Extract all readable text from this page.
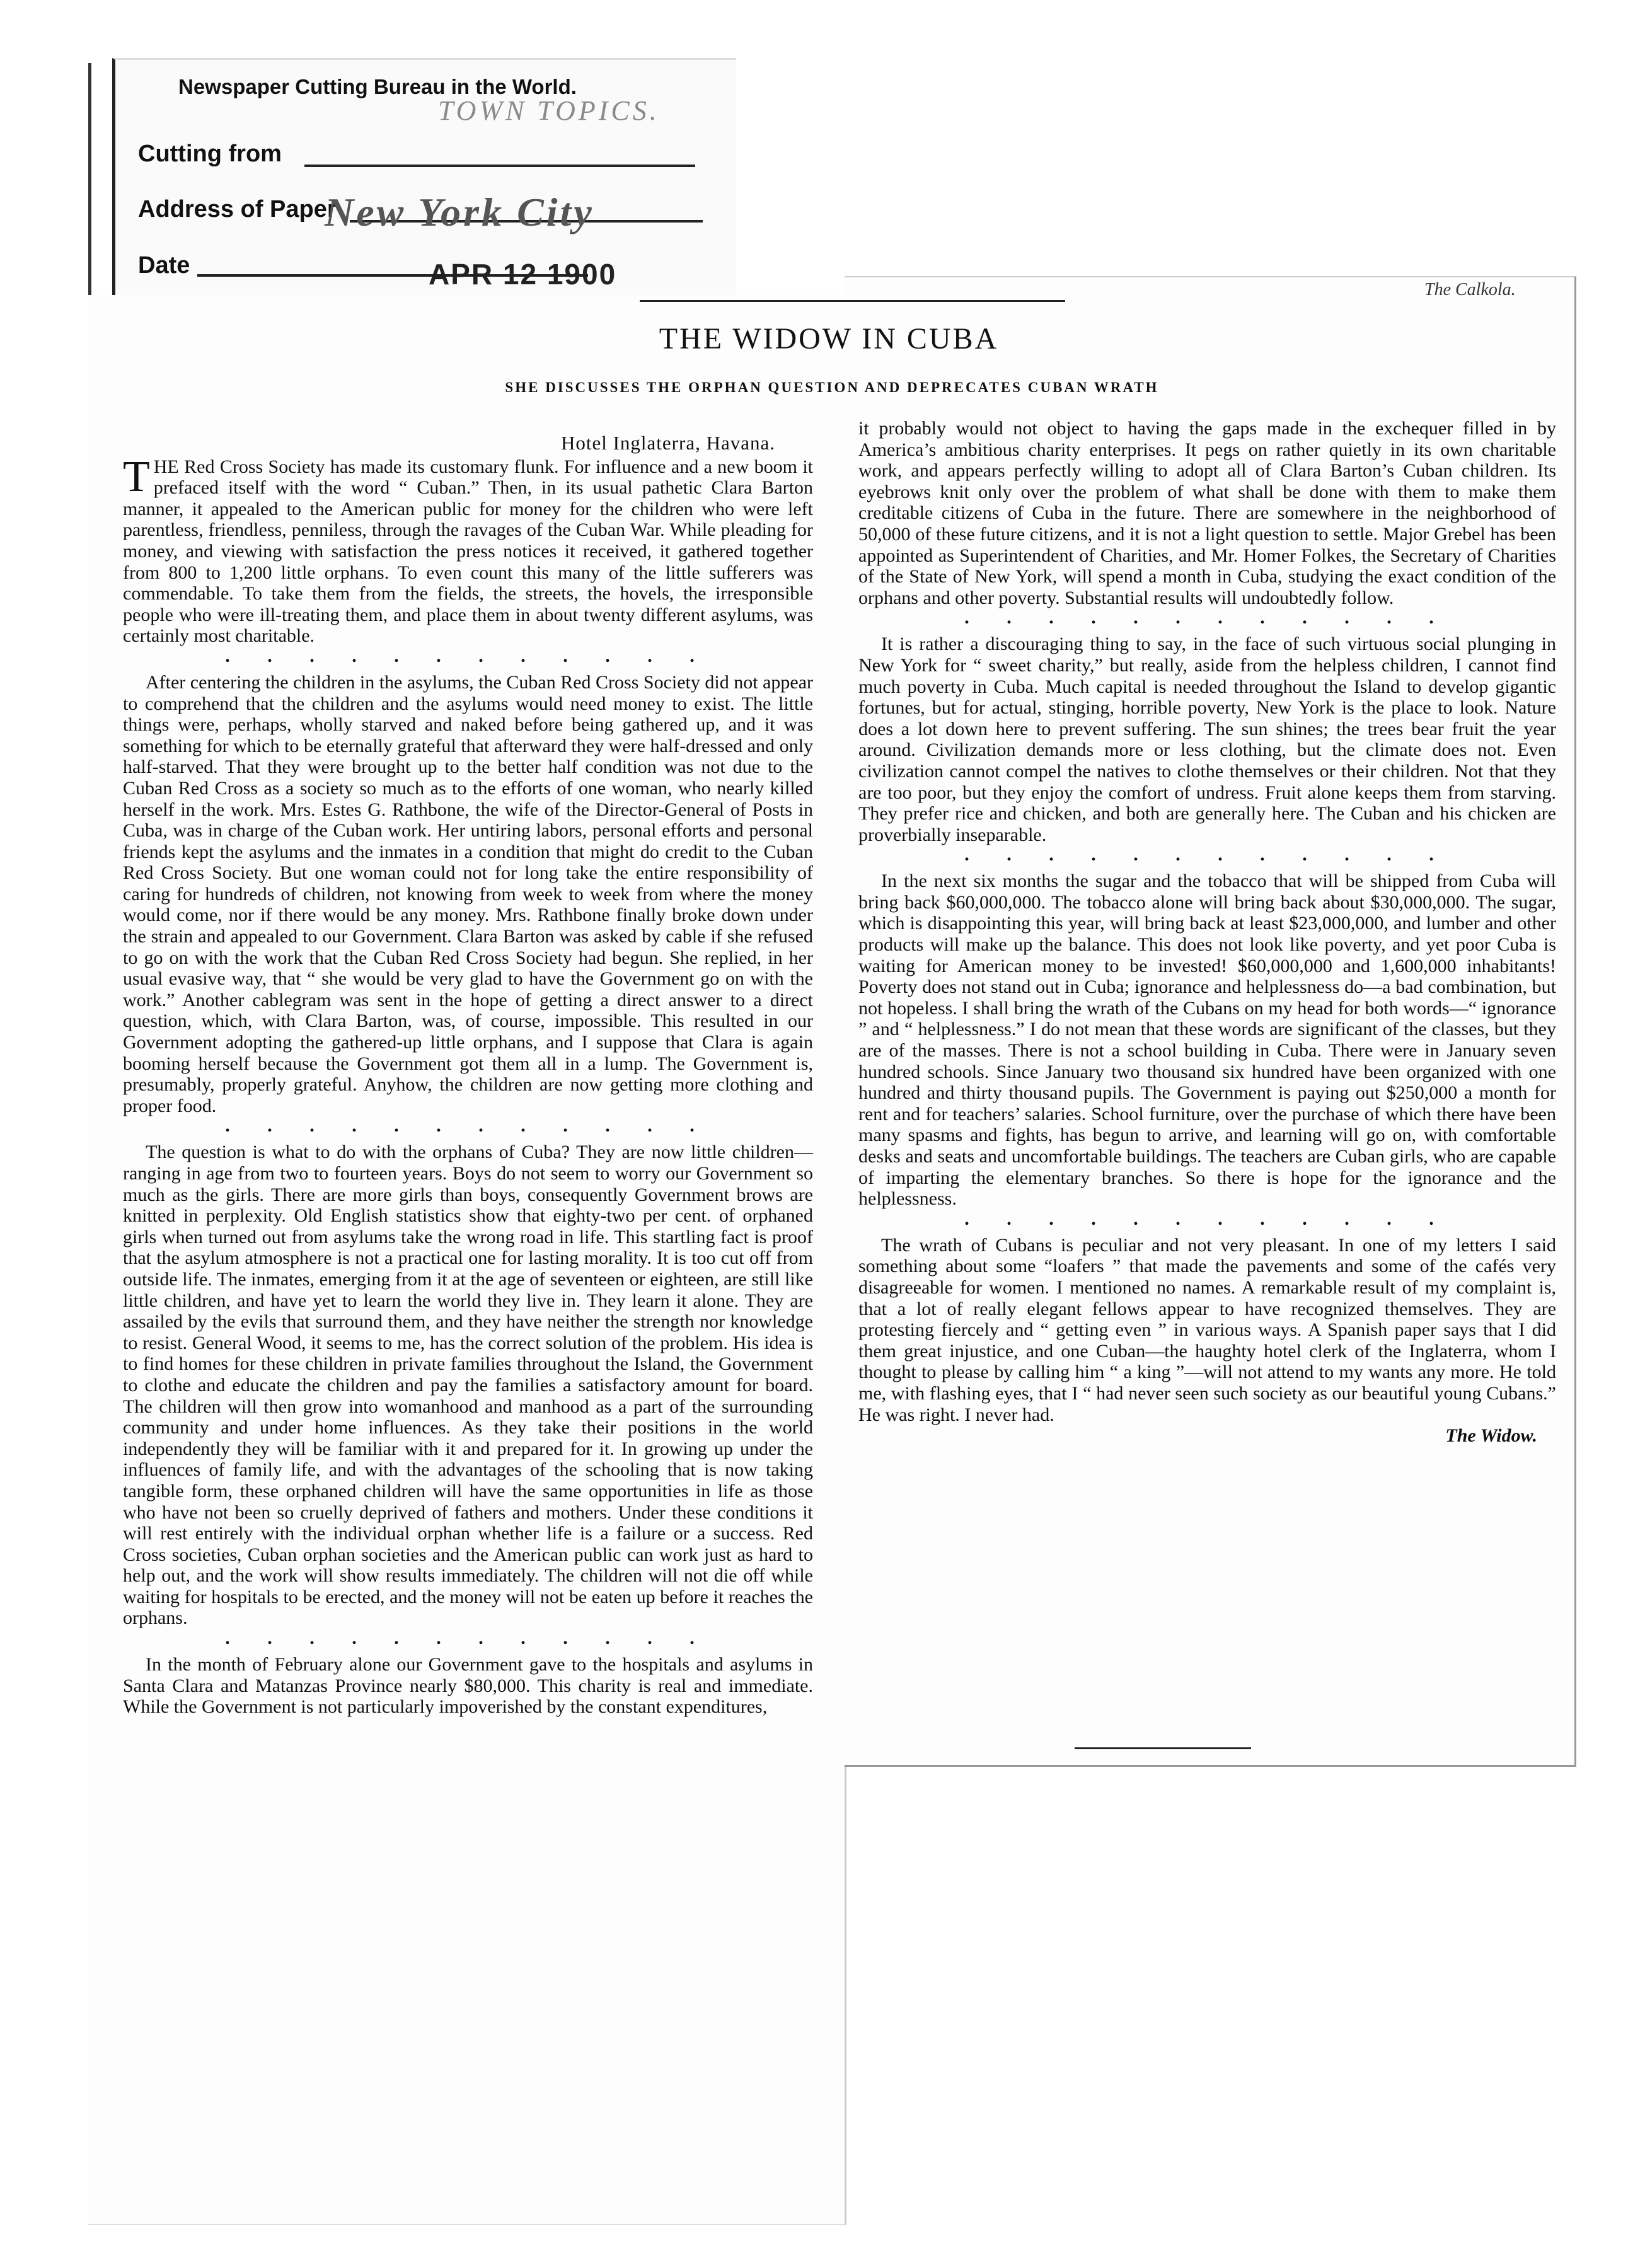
Newspaper Cutting Bureau in the World.
Cutting from
Address of Paper
Date
TOWN TOPICS.
New York City
APR 12 1900	The Calkola.
THE WIDOW IN CUBA
SHE DISCUSSES THE ORPHAN QUESTION AND DEPRECATES CUBAN WRATH
Hotel Inglaterra, Havana.

THE Red Cross Society has made its customary flunk. For influence and a new boom it prefaced itself with the word “ Cuban.” Then, in its usual pathetic Clara Barton manner, it appealed to the American public for money for the children who were left parentless, friendless, penniless, through the ravages of the Cuban War. While pleading for money, and viewing with satisfaction the press notices it received, it gathered together from 800 to 1,200 little orphans. To even count this many of the little sufferers was commendable. To take them from the fields, the streets, the hovels, the irresponsible people who were ill-treating them, and place them in about twenty different asylums, was certainly most charitable.

. . . . . . . . . . . .

After centering the children in the asylums, the Cuban Red Cross Society did not appear to comprehend that the children and the asylums would need money to exist. The little things were, perhaps, wholly starved and naked before being gathered up, and it was something for which to be eternally grateful that afterward they were half-dressed and only half-starved. That they were brought up to the better half condition was not due to the Cuban Red Cross as a society so much as to the efforts of one woman, who nearly killed herself in the work. Mrs. Estes G. Rathbone, the wife of the Director-General of Posts in Cuba, was in charge of the Cuban work. Her untiring labors, personal efforts and personal friends kept the asylums and the inmates in a condition that might do credit to the Cuban Red Cross Society. But one woman could not for long take the entire responsibility of caring for hundreds of children, not knowing from week to week from where the money would come, nor if there would be any money. Mrs. Rathbone finally broke down under the strain and appealed to our Government. Clara Barton was asked by cable if she refused to go on with the work that the Cuban Red Cross Society had begun. She replied, in her usual evasive way, that “ she would be very glad to have the Government go on with the work.” Another cablegram was sent in the hope of getting a direct answer to a direct question, which, with Clara Barton, was, of course, impossible. This resulted in our Government adopting the gathered-up little orphans, and I suppose that Clara is again booming herself because the Government got them all in a lump. The Government is, presumably, properly grateful. Anyhow, the children are now getting more clothing and proper food.

. . . . . . . . . . . .

The question is what to do with the orphans of Cuba? They are now little children—ranging in age from two to fourteen years. Boys do not seem to worry our Government so much as the girls. There are more girls than boys, consequently Government brows are knitted in perplexity. Old English statistics show that eighty-two per cent. of orphaned girls when turned out from asylums take the wrong road in life. This startling fact is proof that the asylum atmosphere is not a practical one for lasting morality. It is too cut off from outside life. The inmates, emerging from it at the age of seventeen or eighteen, are still like little children, and have yet to learn the world they live in. They learn it alone. They are assailed by the evils that surround them, and they have neither the strength nor knowledge to resist. General Wood, it seems to me, has the correct solution of the problem. His idea is to find homes for these children in private families throughout the Island, the Government to clothe and educate the children and pay the families a satisfactory amount for board. The children will then grow into womanhood and manhood as a part of the surrounding community and under home influences. As they take their positions in the world independently they will be familiar with it and prepared for it. In growing up under the influences of family life, and with the advantages of the schooling that is now taking tangible form, these orphaned children will have the same opportunities in life as those who have not been so cruelly deprived of fathers and mothers. Under these conditions it will rest entirely with the individual orphan whether life is a failure or a success. Red Cross societies, Cuban orphan societies and the American public can work just as hard to help out, and the work will show results immediately. The children will not die off while waiting for hospitals to be erected, and the money will not be eaten up before it reaches the orphans.

. . . . . . . . . . . .

In the month of February alone our Government gave to the hospitals and asylums in Santa Clara and Matanzas Province nearly $80,000. This charity is real and immediate. While the Government is not particularly impoverished by the constant expenditures,

it probably would not object to having the gaps made in the exchequer filled in by America’s ambitious charity enterprises. It pegs on rather quietly in its own charitable work, and appears perfectly willing to adopt all of Clara Barton’s Cuban children. Its eyebrows knit only over the problem of what shall be done with them to make them creditable citizens of Cuba in the future. There are somewhere in the neighborhood of 50,000 of these future citizens, and it is not a light question to settle. Major Grebel has been appointed as Superintendent of Charities, and Mr. Homer Folkes, the Secretary of Charities of the State of New York, will spend a month in Cuba, studying the exact condition of the orphans and other poverty. Substantial results will undoubtedly follow.

. . . . . . . . . . . .

It is rather a discouraging thing to say, in the face of such virtuous social plunging in New York for “ sweet charity,” but really, aside from the helpless children, I cannot find much poverty in Cuba. Much capital is needed throughout the Island to develop gigantic fortunes, but for actual, stinging, horrible poverty, New York is the place to look. Nature does a lot down here to prevent suffering. The sun shines; the trees bear fruit the year around. Civilization demands more or less clothing, but the climate does not. Even civilization cannot compel the natives to clothe themselves or their children. Not that they are too poor, but they enjoy the comfort of undress. Fruit alone keeps them from starving. They prefer rice and chicken, and both are generally here. The Cuban and his chicken are proverbially inseparable.

. . . . . . . . . . . .

In the next six months the sugar and the tobacco that will be shipped from Cuba will bring back $60,000,000. The tobacco alone will bring back about $30,000,000. The sugar, which is disappointing this year, will bring back at least $23,000,000, and lumber and other products will make up the balance. This does not look like poverty, and yet poor Cuba is waiting for American money to be invested! $60,000,000 and 1,600,000 inhabitants! Poverty does not stand out in Cuba; ignorance and helplessness do—a bad combination, but not hopeless. I shall bring the wrath of the Cubans on my head for both words—“ ignorance ” and “ helplessness.” I do not mean that these words are significant of the classes, but they are of the masses. There is not a school building in Cuba. There were in January seven hundred schools. Since January two thousand six hundred have been organized with one hundred and thirty thousand pupils. The Government is paying out $250,000 a month for rent and for teachers’ salaries. School furniture, over the purchase of which there have been many spasms and fights, has begun to arrive, and learning will go on, with comfortable desks and seats and uncomfortable buildings. The teachers are Cuban girls, who are capable of imparting the elementary branches. So there is hope for the ignorance and the helplessness.

. . . . . . . . . . . .

The wrath of Cubans is peculiar and not very pleasant. In one of my letters I said something about some “loafers ” that made the pavements and some of the cafés very disagreeable for women. I mentioned no names. A remarkable result of my complaint is, that a lot of really elegant fellows appear to have recognized themselves. They are protesting fiercely and “ getting even ” in various ways. A Spanish paper says that I did them great injustice, and one Cuban—the haughty hotel clerk of the Inglaterra, whom I thought to please by calling him “ a king ”—will not attend to my wants any more. He told me, with flashing eyes, that I “ had never seen such society as our beautiful young Cubans.” He was right. I never had.

The Widow.
